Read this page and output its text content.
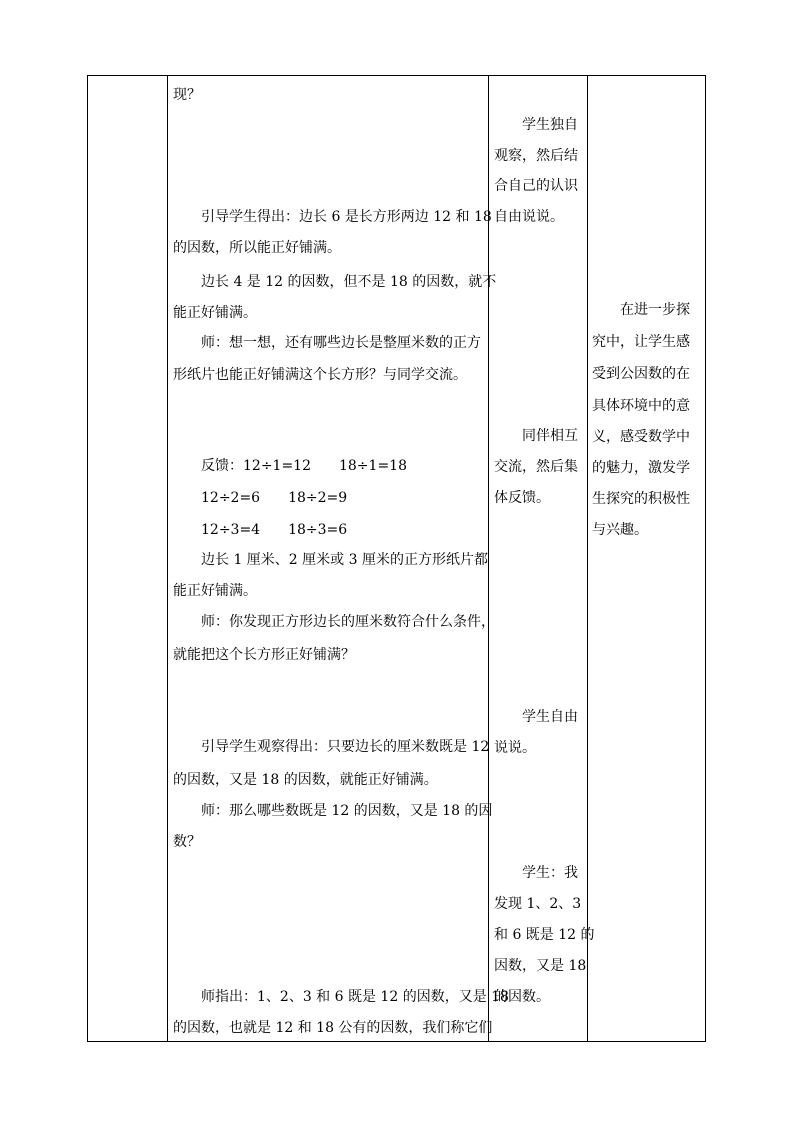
现？
引导学生得出：边长 6 是长方形两边 12 和 18
的因数，所以能正好铺满。
边长 4 是 12 的因数，但不是 18 的因数，就不
能正好铺满。
师：想一想，还有哪些边长是整厘米数的正方
形纸片也能正好铺满这个长方形？与同学交流。
反馈：12÷1=12　　18÷1=18
12÷2=6　　18÷2=9
12÷3=4　　18÷3=6
边长 1 厘米、2 厘米或 3 厘米的正方形纸片都
能正好铺满。
师：你发现正方形边长的厘米数符合什么条件，
就能把这个长方形正好铺满？
引导学生观察得出：只要边长的厘米数既是 12
的因数，又是 18 的因数，就能正好铺满。
师：那么哪些数既是 12 的因数，又是 18 的因
数？
师指出：1、2、3 和 6 既是 12 的因数，又是 18
的因数，也就是 12 和 18 公有的因数，我们称它们
学生独自
观察，然后结
合自己的认识
自由说说。
同伴相互
交流，然后集
体反馈。
学生自由
说说。
学生：我
发现 1、2、3
和 6 既是 12 的
因数，又是 18
的因数。
在进一步探
究中，让学生感
受到公因数的在
具体环境中的意
义，感受数学中
的魅力，激发学
生探究的积极性
与兴趣。
